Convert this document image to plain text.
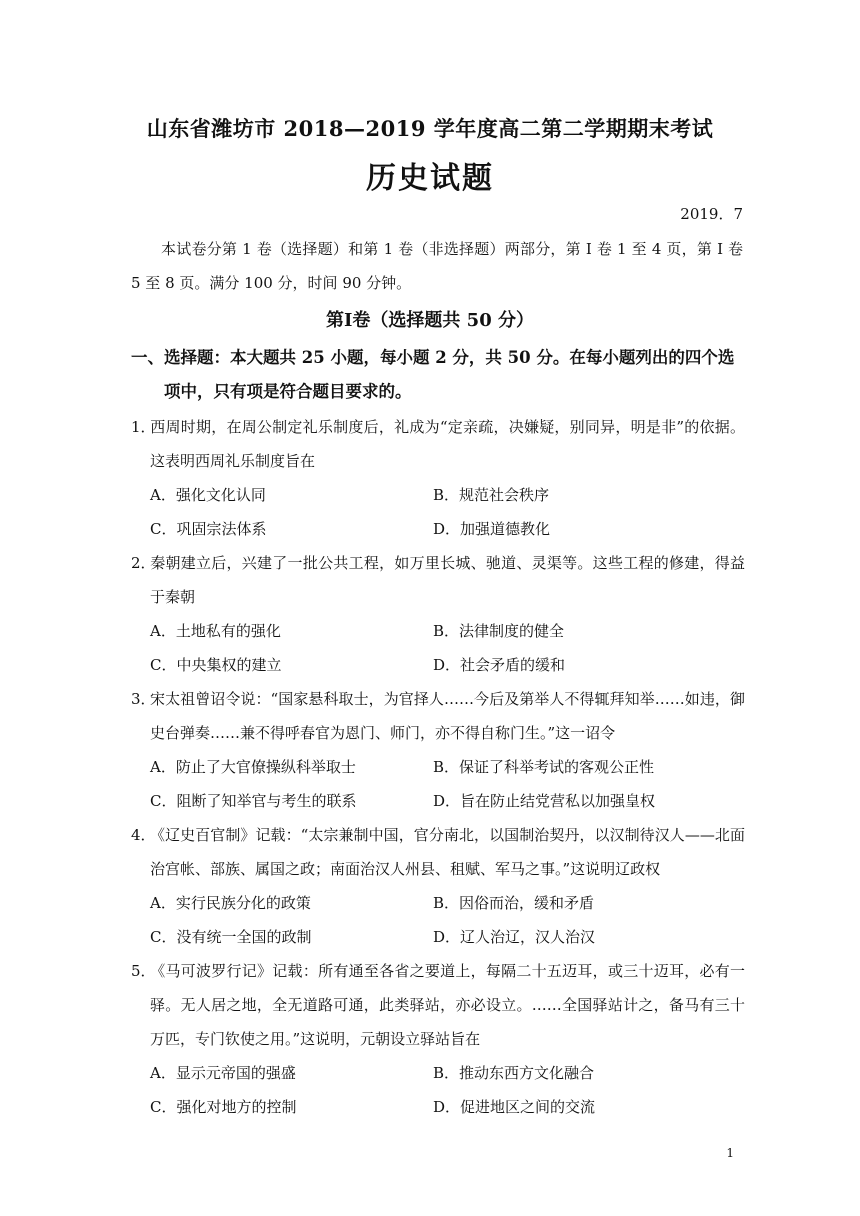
山东省潍坊市 2018—2019 学年度高二第二学期期末考试
历史试题
2019．7
本试卷分第 1 卷（选择题）和第 1 卷（非选择题）两部分，第 I 卷 1 至 4 页，第 I 卷 5 至 8 页。满分 100 分，时间 90 分钟。
第Ⅰ卷（选择题共 50 分）
一、选择题：本大题共 25 小题，每小题 2 分，共 50 分。在每小题列出的四个选
项中，只有项是符合题目要求的。
1．西周时期，在周公制定礼乐制度后，礼成为“定亲疏，决嫌疑，别同异，明是非”的依据。这表明西周礼乐制度旨在
A．强化文化认同	B．规范社会秩序
C．巩固宗法体系	D．加强道德教化
2．秦朝建立后，兴建了一批公共工程，如万里长城、驰道、灵渠等。这些工程的修建，得益于秦朝
A．土地私有的强化	B．法律制度的健全
C．中央集权的建立	D．社会矛盾的缓和
3．宋太祖曾诏令说：“国家悬科取士，为官择人……今后及第举人不得辄拜知举……如违，御史台弹奏……兼不得呼春官为恩门、师门，亦不得自称门生。”这一诏令
A．防止了大官僚操纵科举取士	B．保证了科举考试的客观公正性
C．阻断了知举官与考生的联系	D．旨在防止结党营私以加强皇权
4．《辽史百官制》记载：“太宗兼制中国，官分南北，以国制治契丹，以汉制待汉人——北面治宫帐、部族、属国之政；南面治汉人州县、租赋、军马之事。”这说明辽政权
A．实行民族分化的政策	B．因俗而治，缓和矛盾
C．没有统一全国的政制	D．辽人治辽，汉人治汉
5．《马可波罗行记》记载：所有通至各省之要道上，每隔二十五迈耳，或三十迈耳，必有一驿。无人居之地，全无道路可通，此类驿站，亦必设立。……全国驿站计之，备马有三十万匹，专门钦使之用。”这说明，元朝设立驿站旨在
A．显示元帝国的强盛	B．推动东西方文化融合
C．强化对地方的控制	D．促进地区之间的交流
1
